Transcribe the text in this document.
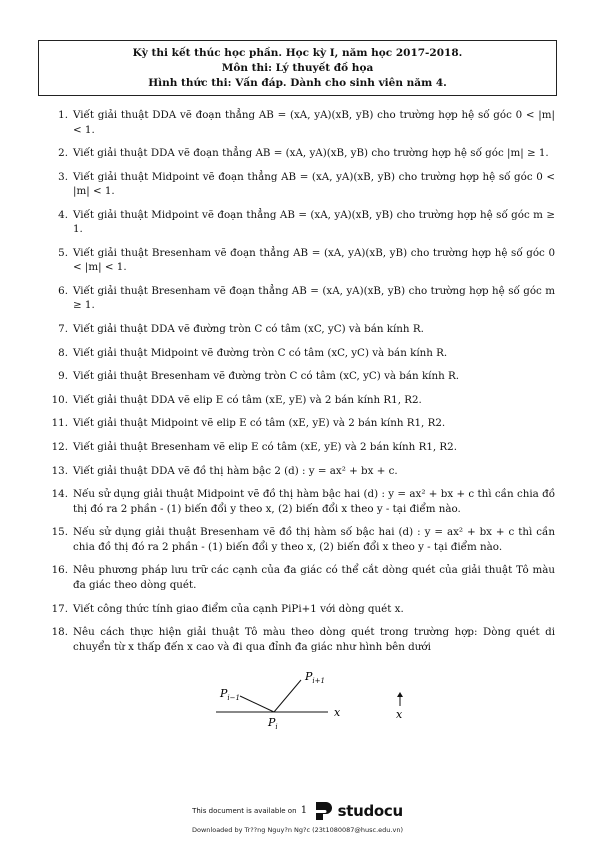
Kỳ thi kết thúc học phần. Học kỳ I, năm học 2017-2018.
Môn thi: Lý thuyết đồ họa
Hình thức thi: Vấn đáp. Dành cho sinh viên năm 4.
1. Viết giải thuật DDA vẽ đoạn thẳng AB = (xA, yA)(xB, yB) cho trường hợp hệ số góc 0 < |m| < 1.
2. Viết giải thuật DDA vẽ đoạn thẳng AB = (xA, yA)(xB, yB) cho trường hợp hệ số góc |m| ≥ 1.
3. Viết giải thuật Midpoint vẽ đoạn thẳng AB = (xA, yA)(xB, yB) cho trường hợp hệ số góc 0 < |m| < 1.
4. Viết giải thuật Midpoint vẽ đoạn thẳng AB = (xA, yA)(xB, yB) cho trường hợp hệ số góc m ≥ 1.
5. Viết giải thuật Bresenham vẽ đoạn thẳng AB = (xA, yA)(xB, yB) cho trường hợp hệ số góc 0 < |m| < 1.
6. Viết giải thuật Bresenham vẽ đoạn thẳng AB = (xA, yA)(xB, yB) cho trường hợp hệ số góc m ≥ 1.
7. Viết giải thuật DDA vẽ đường tròn C có tâm (xC, yC) và bán kính R.
8. Viết giải thuật Midpoint vẽ đường tròn C có tâm (xC, yC) và bán kính R.
9. Viết giải thuật Bresenham vẽ đường tròn C có tâm (xC, yC) và bán kính R.
10. Viết giải thuật DDA vẽ elip E có tâm (xE, yE) và 2 bán kính R1, R2.
11. Viết giải thuật Midpoint vẽ elip E có tâm (xE, yE) và 2 bán kính R1, R2.
12. Viết giải thuật Bresenham vẽ elip E có tâm (xE, yE) và 2 bán kính R1, R2.
13. Viết giải thuật DDA vẽ đồ thị hàm bậc 2 (d) : y = ax² + bx + c.
14. Nếu sử dụng giải thuật Midpoint vẽ đồ thị hàm bậc hai (d) : y = ax² + bx + c thì cần chia đồ thị đó ra 2 phần - (1) biến đổi y theo x, (2) biến đổi x theo y - tại điểm nào.
15. Nếu sử dụng giải thuật Bresenham vẽ đồ thị hàm số bậc hai (d) : y = ax² + bx + c thì cần chia đồ thị đó ra 2 phần - (1) biến đổi y theo x, (2) biến đổi x theo y - tại điểm nào.
16. Nêu phương pháp lưu trữ các cạnh của đa giác có thể cắt dòng quét của giải thuật Tô màu đa giác theo dòng quét.
17. Viết công thức tính giao điểm của cạnh PiPi+1 với dòng quét x.
18. Nêu cách thực hiện giải thuật Tô màu theo dòng quét trong trường hợp: Dòng quét di chuyển từ x thấp đến x cao và đi qua đỉnh đa giác như hình bên dưới
$P_{i-1}$
$P_{i+1}$
$P_i$
x	x
This document is available on 1 studocu
Downloaded by Tr??ng Nguy?n Ng?c (23t1080087@husc.edu.vn)
